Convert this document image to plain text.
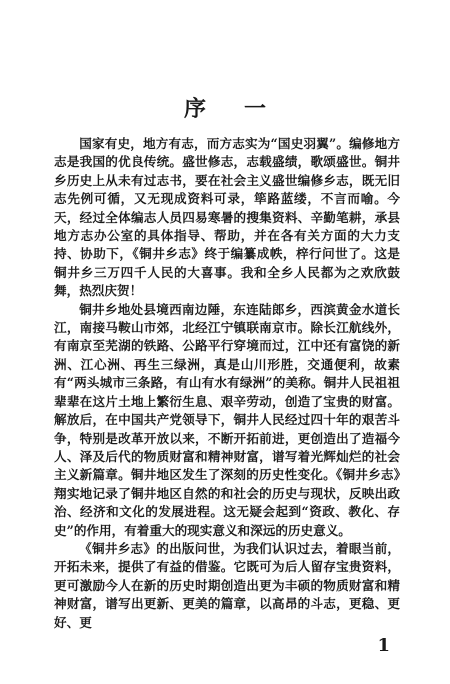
序 一

国家有史，地方有志，而方志实为“国史羽翼”。编修地方志是我国的优良传统。盛世修志，志载盛绩，歌颂盛世。铜井乡历史上从未有过志书，要在社会主义盛世编修乡志，既无旧志先例可循，又无现成资料可录，筚路蓝缕，不言而喻。今天，经过全体编志人员四易寒暑的搜集资料、辛勤笔耕，承县地方志办公室的具体指导、帮助，并在各有关方面的大力支持、协助下，《铜井乡志》终于编纂成帙，梓行问世了。这是铜井乡三万四千人民的大喜事。我和全乡人民都为之欢欣鼓舞，热烈庆贺！

铜井乡地处县境西南边陲，东连陆郎乡，西滨黄金水道长江，南接马鞍山市郊，北经江宁镇联南京市。除长江航线外，有南京至芜湖的铁路、公路平行穿境而过，江中还有富饶的新洲、江心洲、再生三绿洲，真是山川形胜，交通便利，故素有“两头城市三条路，有山有水有绿洲”的美称。铜井人民祖祖辈辈在这片土地上繁衍生息、艰辛劳动，创造了宝贵的财富。解放后，在中国共产党领导下，铜井人民经过四十年的艰苦斗争，特别是改革开放以来，不断开拓前进，更创造出了造福今人、泽及后代的物质财富和精神财富，谱写着光辉灿烂的社会主义新篇章。铜井地区发生了深刻的历史性变化。《铜井乡志》翔实地记录了铜井地区自然的和社会的历史与现状，反映出政治、经济和文化的发展进程。这无疑会起到“资政、教化、存史”的作用，有着重大的现实意义和深远的历史意义。

《铜井乡志》的出版问世，为我们认识过去，着眼当前，开拓未来，提供了有益的借鉴。它既可为后人留存宝贵资料，更可激励今人在新的历史时期创造出更为丰硕的物质财富和精神财富，谱写出更新、更美的篇章，以高昂的斗志，更稳、更好、更

1
